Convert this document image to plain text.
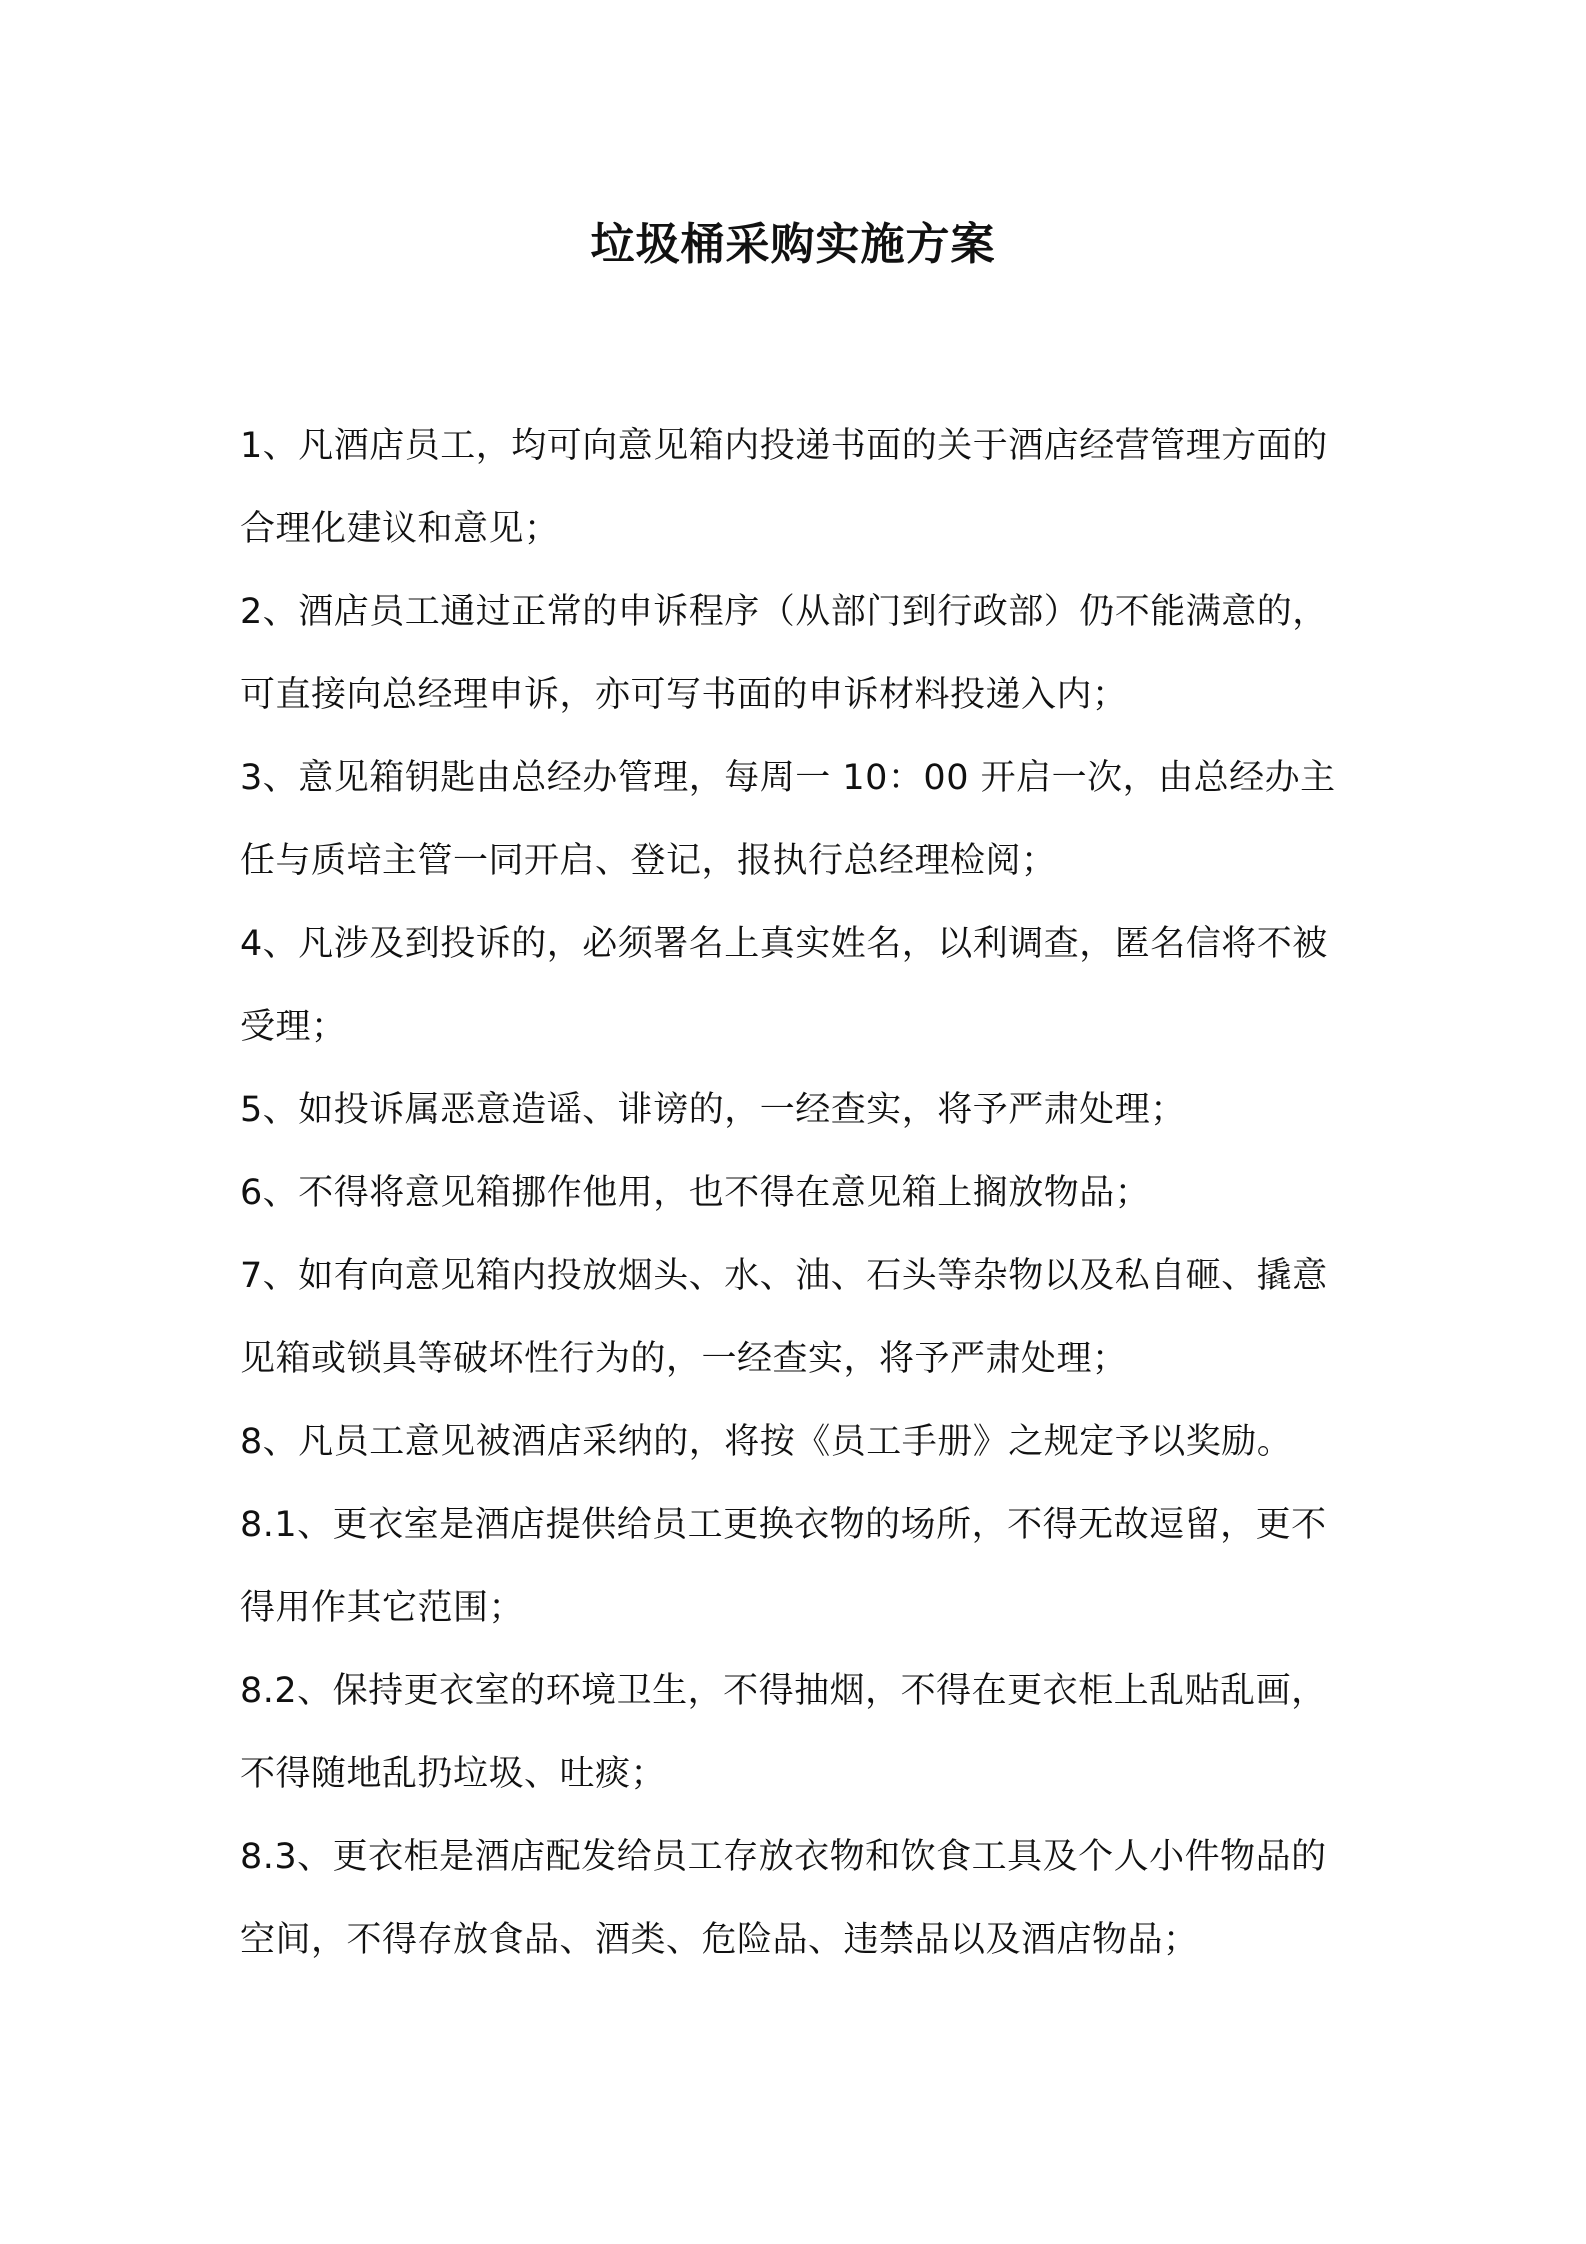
垃圾桶采购实施方案

1、凡酒店员工，均可向意见箱内投递书面的关于酒店经营管理方面的合理化建议和意见；

2、酒店员工通过正常的申诉程序（从部门到行政部）仍不能满意的，可直接向总经理申诉，亦可写书面的申诉材料投递入内；

3、意见箱钥匙由总经办管理，每周一 10：00 开启一次，由总经办主任与质培主管一同开启、登记，报执行总经理检阅；

4、凡涉及到投诉的，必须署名上真实姓名，以利调查，匿名信将不被受理；

5、如投诉属恶意造谣、诽谤的，一经查实，将予严肃处理；

6、不得将意见箱挪作他用，也不得在意见箱上搁放物品；

7、如有向意见箱内投放烟头、水、油、石头等杂物以及私自砸、撬意见箱或锁具等破坏性行为的，一经查实，将予严肃处理；

8、凡员工意见被酒店采纳的，将按《员工手册》之规定予以奖励。

8.1、更衣室是酒店提供给员工更换衣物的场所，不得无故逗留，更不得用作其它范围；

8.2、保持更衣室的环境卫生，不得抽烟，不得在更衣柜上乱贴乱画，不得随地乱扔垃圾、吐痰；

8.3、更衣柜是酒店配发给员工存放衣物和饮食工具及个人小件物品的空间，不得存放食品、酒类、危险品、违禁品以及酒店物品；
